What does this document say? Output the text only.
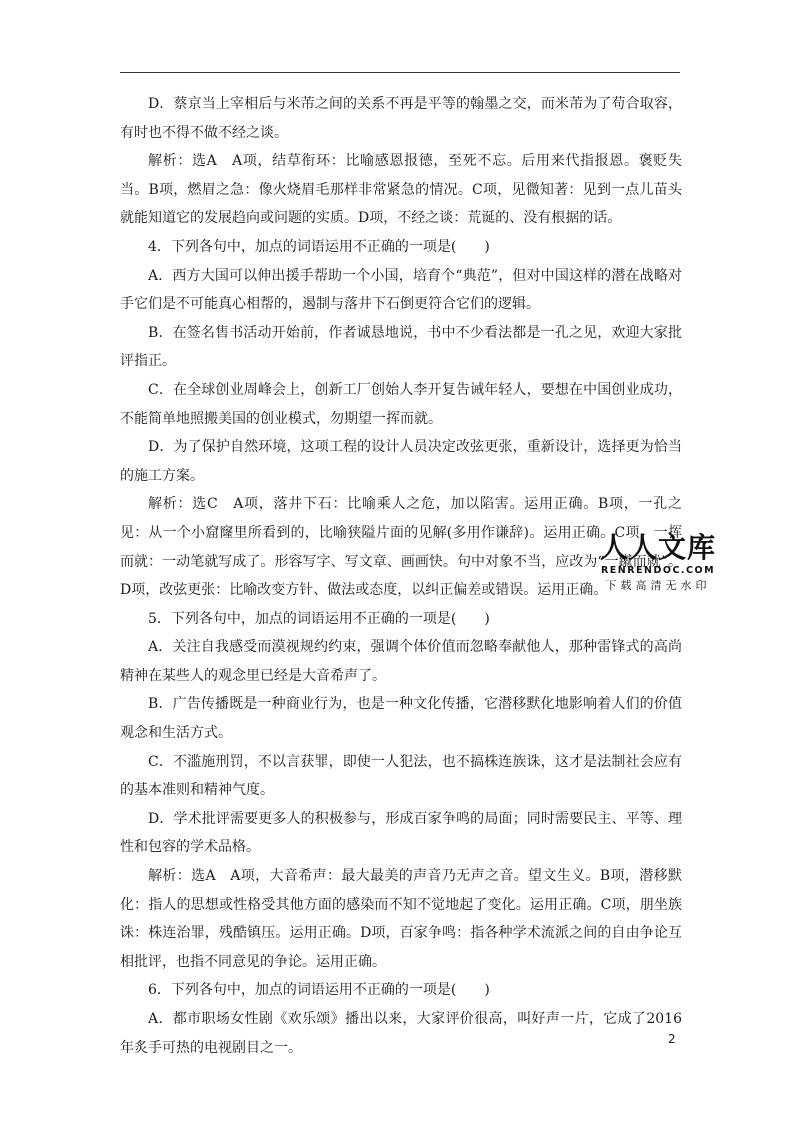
D．蔡京当上宰相后与米芾之间的关系不再是平等的翰墨之交，而米芾为了苟合取容，有时也不得不做不经之谈。

解析：选A　A项，结草衔环：比喻感恩报德，至死不忘。后用来代指报恩。褒贬失当。B项，燃眉之急：像火烧眉毛那样非常紧急的情况。C项，见微知著：见到一点儿苗头就能知道它的发展趋向或问题的实质。D项，不经之谈：荒诞的、没有根据的话。

4．下列各句中，加点的词语运用不正确的一项是(　　)

A．西方大国可以伸出援手帮助一个小国，培育个“典范”，但对中国这样的潜在战略对手它们是不可能真心相帮的，遏制与落井下石倒更符合它们的逻辑。

B．在签名售书活动开始前，作者诚恳地说，书中不少看法都是一孔之见，欢迎大家批评指正。

C．在全球创业周峰会上，创新工厂创始人李开复告诫年轻人，要想在中国创业成功，不能简单地照搬美国的创业模式，勿期望一挥而就。

D．为了保护自然环境，这项工程的设计人员决定改弦更张，重新设计，选择更为恰当的施工方案。

解析：选C　A项，落井下石：比喻乘人之危，加以陷害。运用正确。B项，一孔之见：从一个小窟窿里所看到的，比喻狭隘片面的见解(多用作谦辞)。运用正确。C项，一挥而就：一动笔就写成了。形容写字、写文章、画画快。句中对象不当，应改为“一蹴而就”。D项，改弦更张：比喻改变方针、做法或态度，以纠正偏差或错误。运用正确。

5．下列各句中，加点的词语运用不正确的一项是(　　)

A．关注自我感受而漠视规约约束，强调个体价值而忽略奉献他人，那种雷锋式的高尚精神在某些人的观念里已经是大音希声了。

B．广告传播既是一种商业行为，也是一种文化传播，它潜移默化地影响着人们的价值观念和生活方式。

C．不滥施刑罚，不以言获罪，即使一人犯法，也不搞株连族诛，这才是法制社会应有的基本准则和精神气度。

D．学术批评需要更多人的积极参与，形成百家争鸣的局面；同时需要民主、平等、理性和包容的学术品格。

解析：选A　A项，大音希声：最大最美的声音乃无声之音。望文生义。B项，潜移默化：指人的思想或性格受其他方面的感染而不知不觉地起了变化。运用正确。C项，朋坐族诛：株连治罪，残酷镇压。运用正确。D项，百家争鸣：指各种学术流派之间的自由争论互相批评，也指不同意见的争论。运用正确。

6．下列各句中，加点的词语运用不正确的一项是(　　)

A．都市职场女性剧《欢乐颂》播出以来，大家评价很高，叫好声一片，它成了2016年炙手可热的电视剧目之一。

人人文库
RENRENDOC.COM
下载高清无水印
2
